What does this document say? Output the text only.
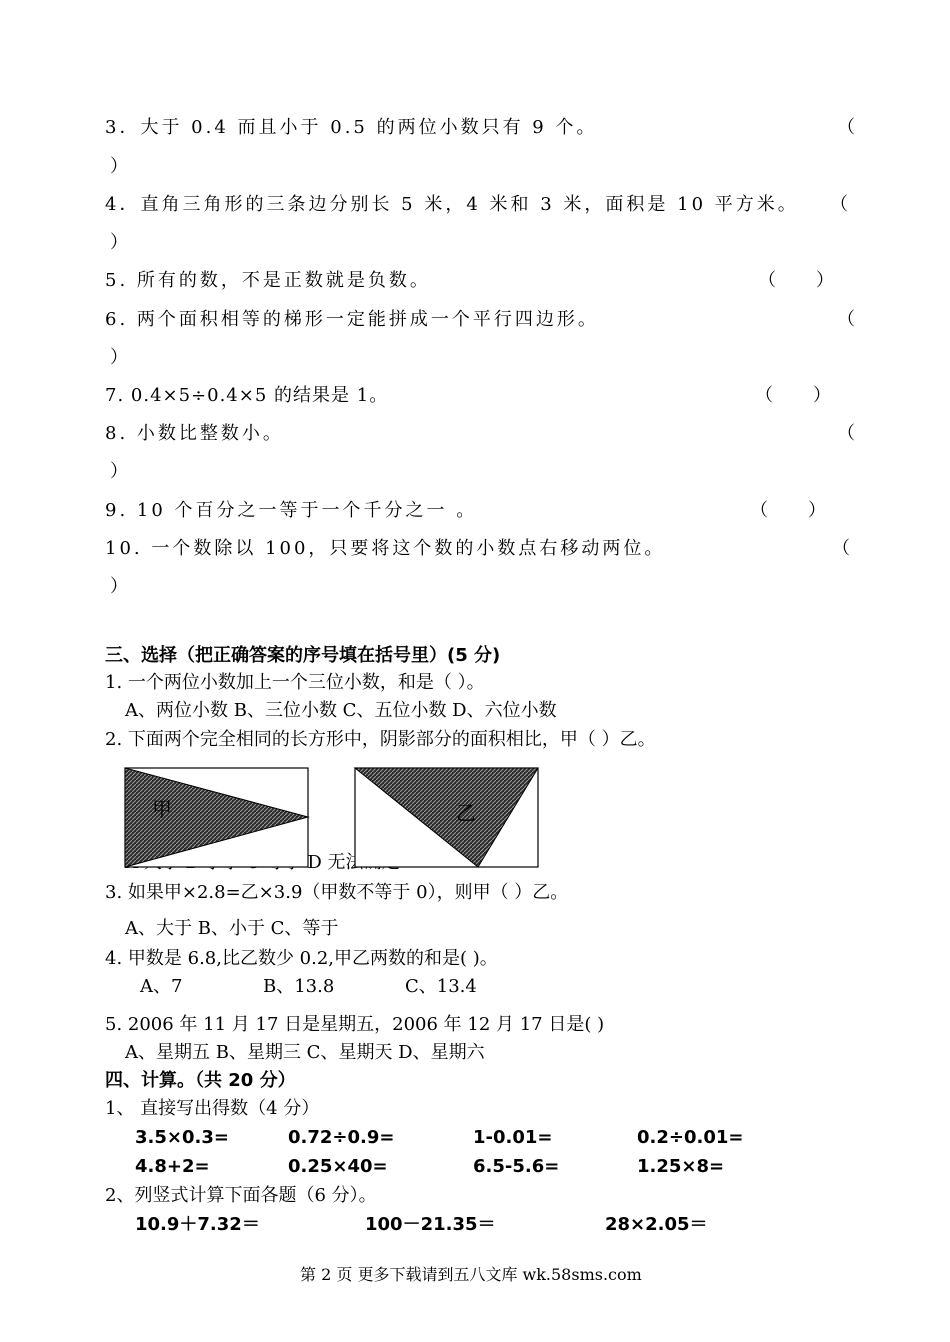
3．大于 0.4 而且小于 0.5 的两位小数只有 9 个。	（
）
4．直角三角形的三条边分别长 5 米，4 米和 3 米，面积是 10 平方米。 （
）
5. 所有的数，不是正数就是负数。	（       ）
6. 两个面积相等的梯形一定能拼成一个平行四边形。	（
）
7. 0.4×5÷0.4×5 的结果是 1。	（       ）
8. 小数比整数小。	（
）
9. 10 个百分之一等于一个千分之一 。	（       ）
10. 一个数除以 100，只要将这个数的小数点右移动两位。	（
）
三、选择（把正确答案的序号填在括号里）(5 分)
1. 一个两位小数加上一个三位小数，和是（ ）。
A、两位小数 B、三位小数 C、五位小数 D、六位小数
2. 下面两个完全相同的长方形中，阴影部分的面积相比，甲（ ）乙。
D
甲	乙
3. 如果甲×2.8=乙×3.9（甲数不等于 0），则甲（ ）乙。
A、大于 B、小于 C、等于
4. 甲数是 6.8,比乙数少 0.2,甲乙两数的和是( )。
A、7	B、13.8	C、13.4
5. 2006 年 11 月 17 日是星期五，2006 年 12 月 17 日是( )
A、星期五 B、星期三 C、星期天 D、星期六
四、计算。（共 20 分）
1、 直接写出得数（4 分）
3.5×0.3=	0.72÷0.9=	1-0.01=	0.2÷0.01=
4.8+2=	0.25×40=	6.5-5.6=	1.25×8=
2、列竖式计算下面各题（6 分）。
10.9＋7.32＝	100－21.35＝	28×2.05＝
第 2 页 更多下载请到五八文库 wk.58sms.com
